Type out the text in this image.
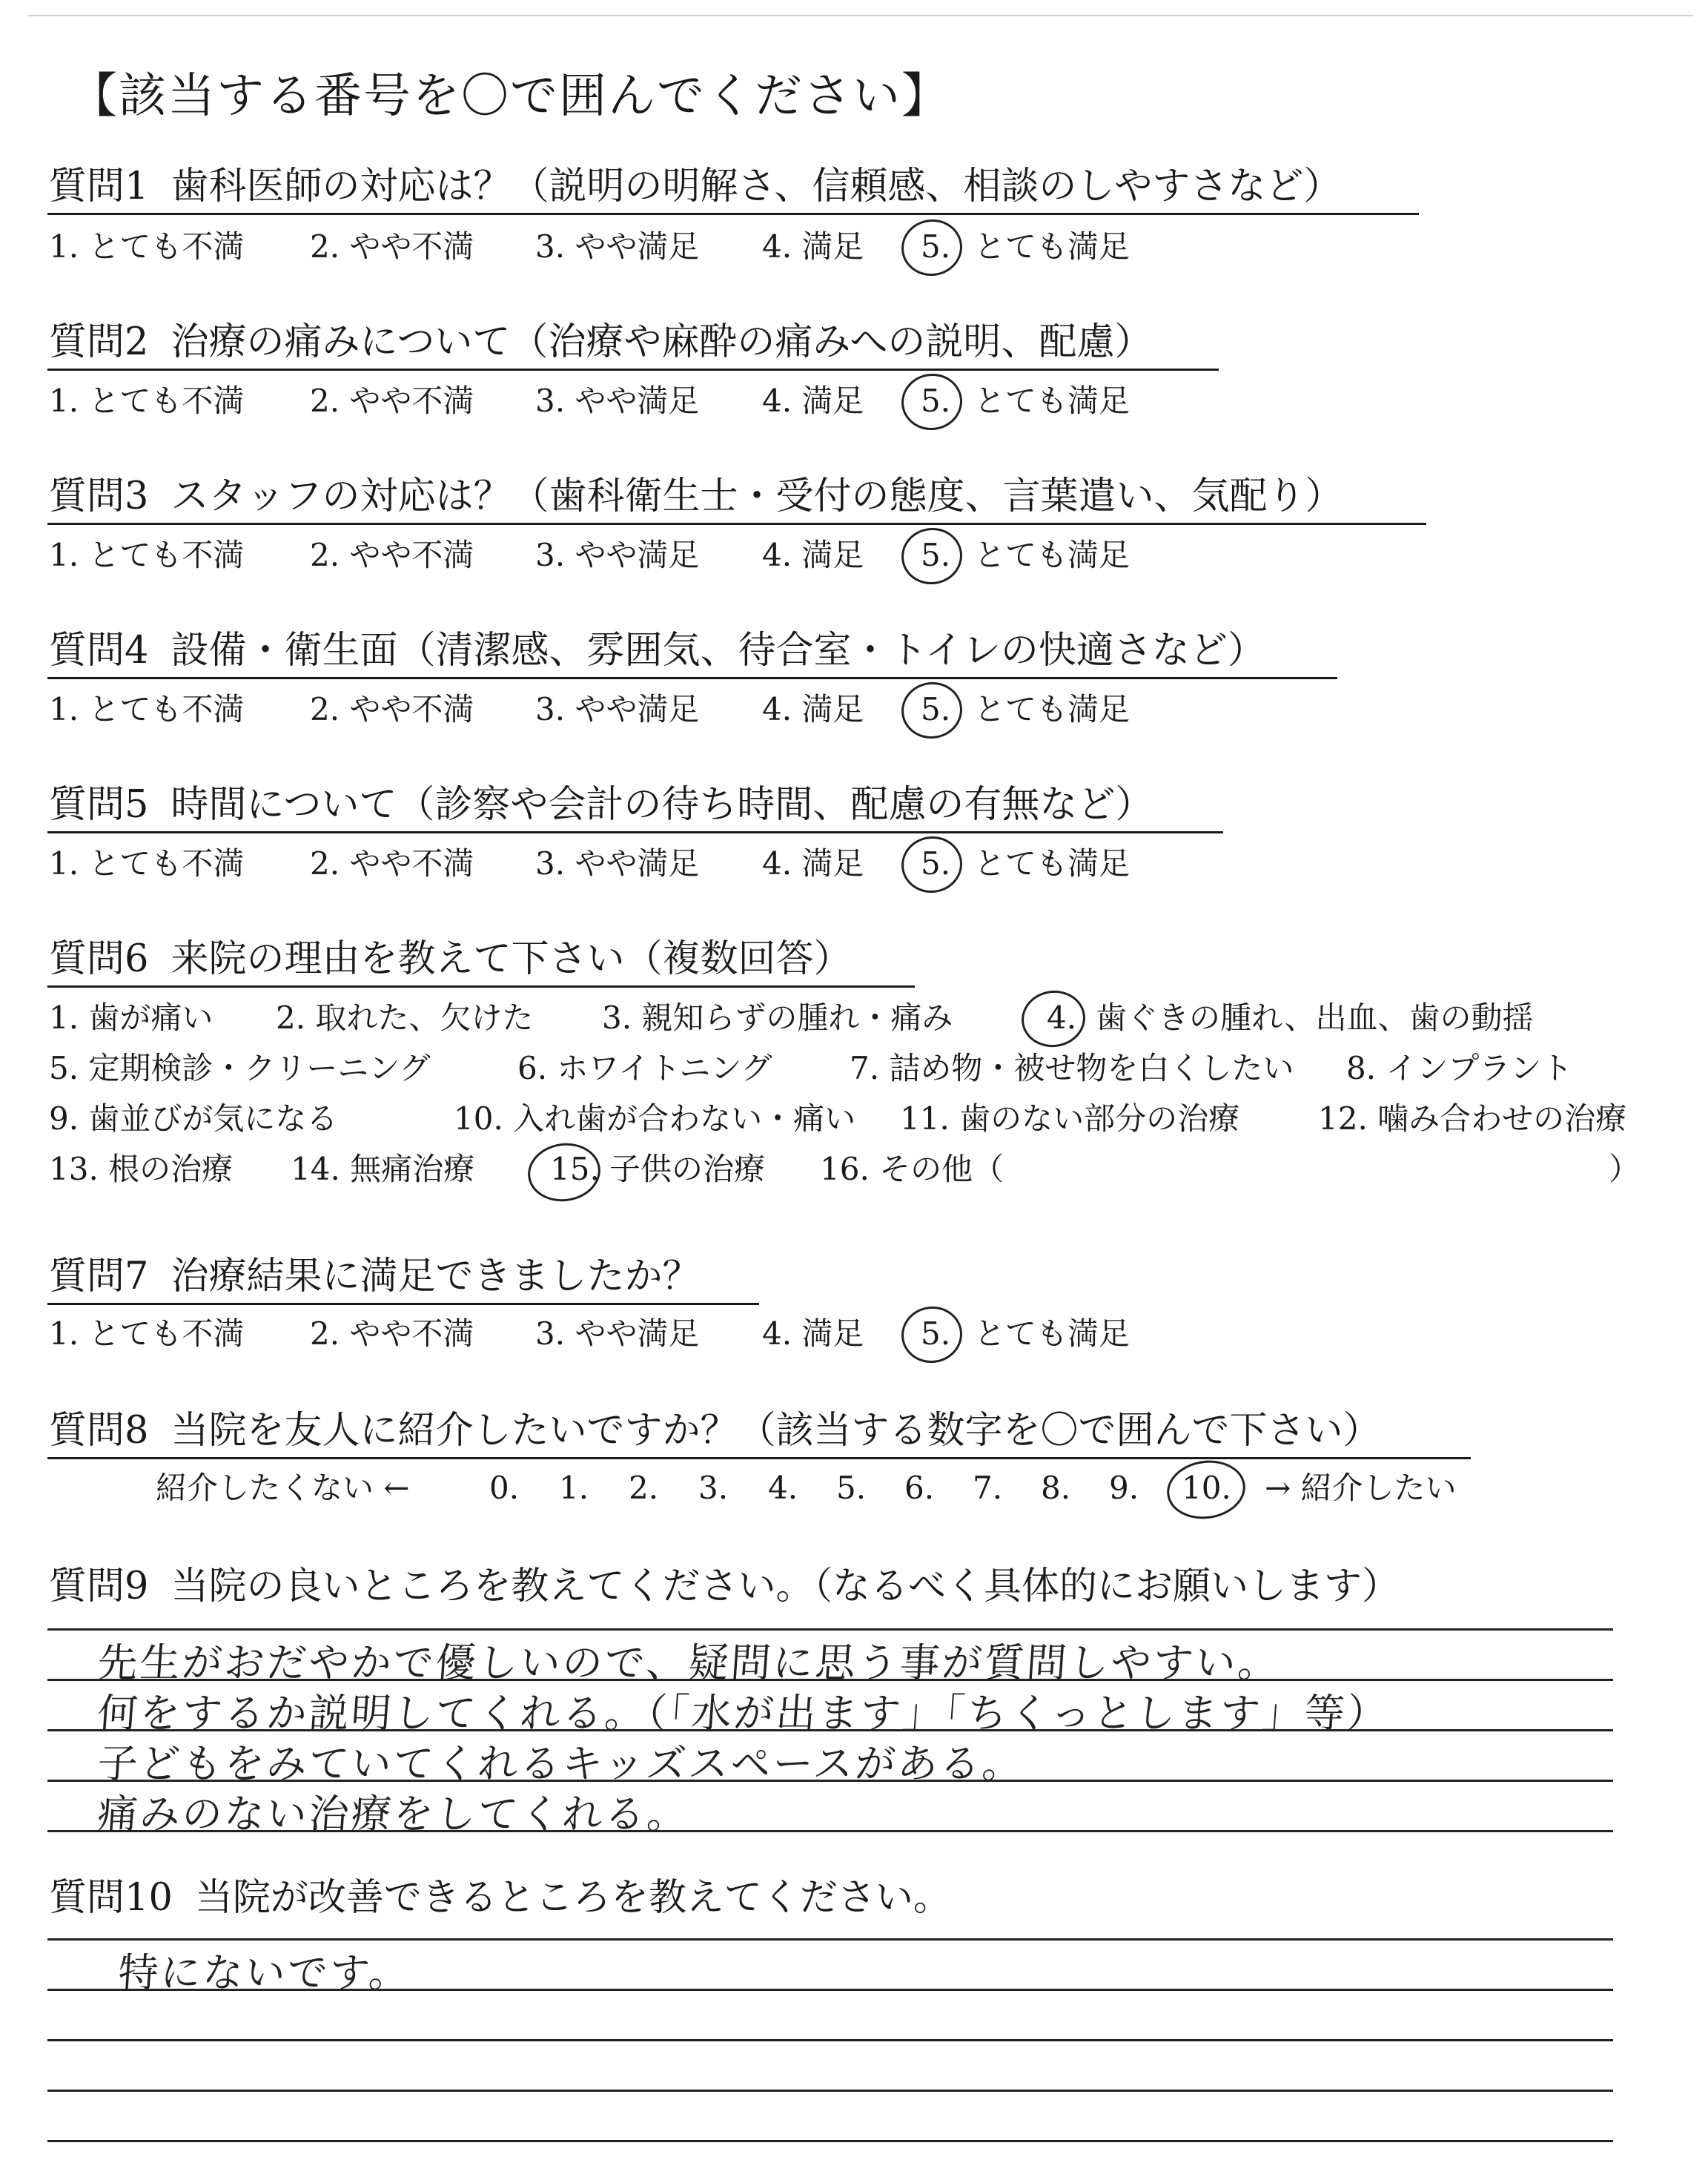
【該当する番号を〇で囲んでください】
質問1 歯科医師の対応は？（説明の明解さ、信頼感、相談のしやすさなど）
1. とても不満 2. やや不満 3. やや満足 4. 満足 5. とても満足
質問2 治療の痛みについて（治療や麻酔の痛みへの説明、配慮）
1. とても不満 2. やや不満 3. やや満足 4. 満足 5. とても満足
質問3 スタッフの対応は？（歯科衛生士・受付の態度、言葉遣い、気配り）
1. とても不満 2. やや不満 3. やや満足 4. 満足 5. とても満足
質問4 設備・衛生面（清潔感、雰囲気、待合室・トイレの快適さなど）
1. とても不満 2. やや不満 3. やや満足 4. 満足 5. とても満足
質問5 時間について（診察や会計の待ち時間、配慮の有無など）
1. とても不満 2. やや不満 3. やや満足 4. 満足 5. とても満足
質問6 来院の理由を教えて下さい（複数回答）
1. 歯が痛い 2. 取れた、欠けた 3. 親知らずの腫れ・痛み	4. 歯ぐきの腫れ、出血、歯の動揺
5. 定期検診・クリーニング	6. ホワイトニング 7. 詰め物・被せ物を白くしたい 8. インプラント
9. 歯並びが気になる	10. 入れ歯が合わない・痛い 11. 歯のない部分の治療	12. 噛み合わせの治療
13. 根の治療 14. 無痛治療 15. 子供の治療 16. その他（	）
質問7 治療結果に満足できましたか？
1. とても不満 2. やや不満 3. やや満足 4. 満足 5. とても満足
質問8 当院を友人に紹介したいですか？（該当する数字を〇で囲んで下さい）
紹介したくない ←	0. 1. 2. 3. 4. 5. 6. 7. 8. 9. 10. → 紹介したい
質問9 当院の良いところを教えてください。（なるべく具体的にお願いします）
先生がおだやかで優しいので、疑問に思う事が質問しやすい。
何をするか説明してくれる。（「水が出ます」「ちくっとします」等）
子どもをみていてくれるキッズスペースがある。
痛みのない治療をしてくれる。
質問10 当院が改善できるところを教えてください。
特にないです。
